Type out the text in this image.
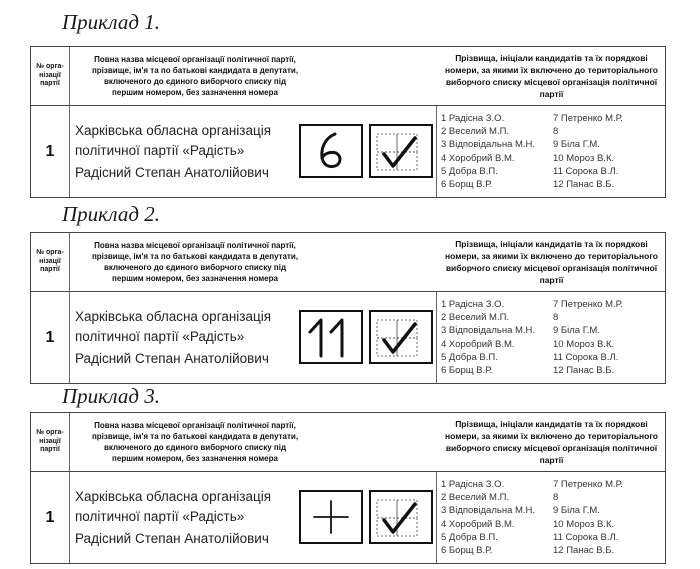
Приклад 1.
№ орга-нізації партії
Повна назва місцевої організації політичної партії, прізвище, ім'я та по батькові кандидата в депутати, включеного до єдиного виборчого списку під першим номером, без зазначення номера
Прізвища, ініціали кандидатів та їх порядкові номери, за якими їх включено до територіального виборчого списку місцевої організація політичної партії
1
Харківська обласна організація
політичної партії «Радість»
Радісний Степан Анатолійович
1 Радісна З.О.
2 Веселий М.П.
3 Відповідальна М.Н.
4 Хоробрий В.М.
5 Добра В.П.
6 Борщ В.Р.
7 Петренко М.Р.
8
9 Біла Г.М.
10 Мороз В.К.
11 Сорока В.Л.
12 Панас В.Б.
Приклад 2.
№ орга-нізації партії
Повна назва місцевої організації політичної партії, прізвище, ім'я та по батькові кандидата в депутати, включеного до єдиного виборчого списку під першим номером, без зазначення номера
Прізвища, ініціали кандидатів та їх порядкові номери, за якими їх включено до територіального виборчого списку місцевої організація політичної партії
1
Харківська обласна організація
політичної партії «Радість»
Радісний Степан Анатолійович
1 Радісна З.О.
2 Веселий М.П.
3 Відповідальна М.Н.
4 Хоробрий В.М.
5 Добра В.П.
6 Борщ В.Р.
7 Петренко М.Р.
8
9 Біла Г.М.
10 Мороз В.К.
11 Сорока В.Л.
12 Панас В.Б.
Приклад 3.
№ орга-нізації партії
Повна назва місцевої організації політичної партії, прізвище, ім'я та по батькові кандидата в депутати, включеного до єдиного виборчого списку під першим номером, без зазначення номера
Прізвища, ініціали кандидатів та їх порядкові номери, за якими їх включено до територіального виборчого списку місцевої організація політичної партії
1
Харківська обласна організація
політичної партії «Радість»
Радісний Степан Анатолійович
1 Радісна З.О.
2 Веселий М.П.
3 Відповідальна М.Н.
4 Хоробрий В.М.
5 Добра В.П.
6 Борщ В.Р.
7 Петренко М.Р.
8
9 Біла Г.М.
10 Мороз В.К.
11 Сорока В.Л.
12 Панас В.Б.
